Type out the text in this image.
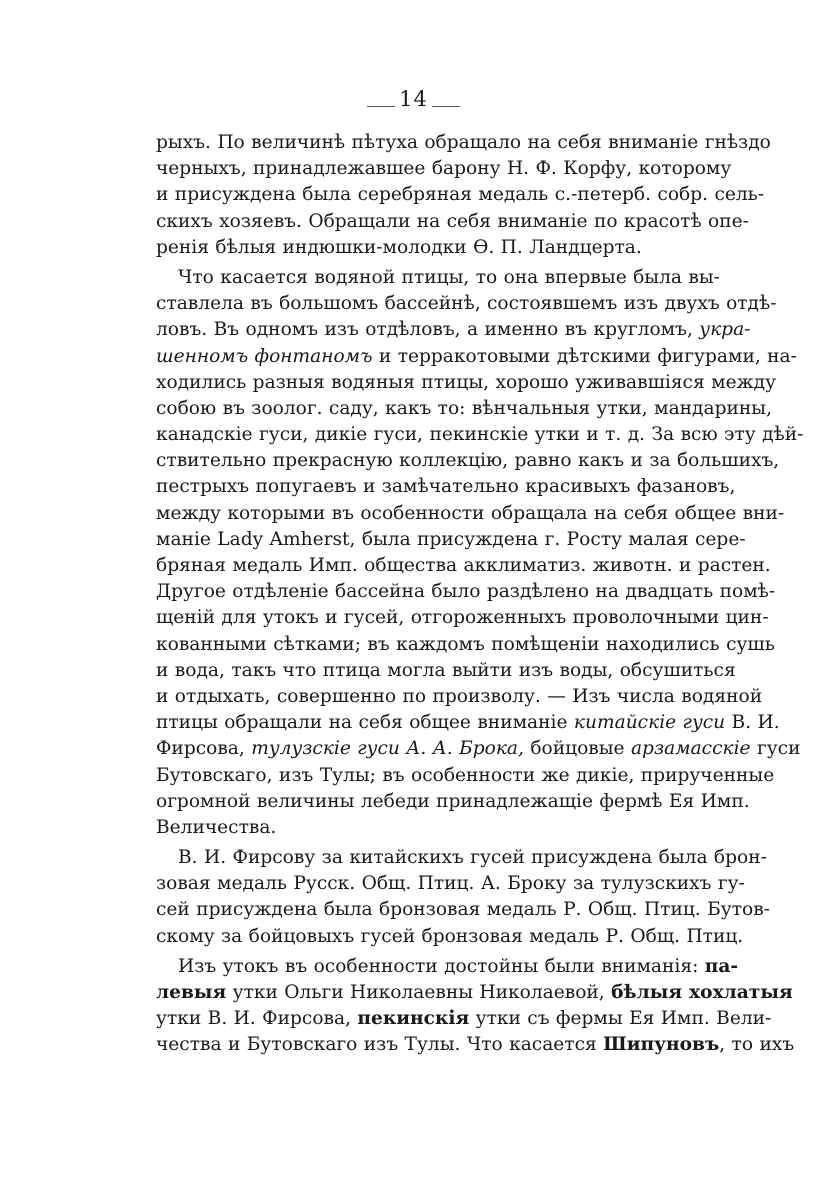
14
рыхъ. По величинѣ пѣтуха обращало на себя вниманіе гнѣздо
черныхъ, принадлежавшее барону Н. Ф. Корфу, которому
и присуждена была серебряная медаль с.-петерб. собр. сель-
скихъ хозяевъ. Обращали на себя вниманіе по красотѣ опе-
ренія бѣлыя индюшки-молодки Ѳ. П. Ландцерта.
Что касается водяной птицы, то она впервые была вы-
ставлела въ большомъ бассейнѣ, состоявшемъ изъ двухъ отдѣ-
ловъ. Въ одномъ изъ отдѣловъ, а именно въ кругломъ, укра-
шенномъ фонтаномъ и терракотовыми дѣтскими фигурами, на-
ходились разныя водяныя птицы, хорошо уживавшіяся между
собою въ зоолог. саду, какъ то: вѣнчальныя утки, мандарины,
канадскіе гуси, дикіе гуси, пекинскіе утки и т. д. За всю эту дѣй-
ствительно прекрасную коллекцію, равно какъ и за большихъ,
пестрыхъ попугаевъ и замѣчательно красивыхъ фазановъ,
между которыми въ особенности обращала на себя общее вни-
маніе Lady Amherst, была присуждена г. Росту малая сере-
бряная медаль Имп. общества акклиматиз. животн. и растен.
Другое отдѣленіе бассейна было раздѣлено на двадцать помѣ-
щеній для утокъ и гусей, отгороженныхъ проволочными цин-
кованными сѣтками; въ каждомъ помѣщеніи находились сушь
и вода, такъ что птица могла выйти изъ воды, обсушиться
и отдыхать, совершенно по произволу. — Изъ числа водяной
птицы обращали на себя общее вниманіе китайскіе гуси В. И.
Фирсова, тулузскіе гуси А. А. Брока, бойцовые арзамасскіе гуси
Бутовскаго, изъ Тулы; въ особенности же дикіе, прирученные
огромной величины лебеди принадлежащіе фермѣ Ея Имп.
Величества.
В. И. Фирсову за китайскихъ гусей присуждена была брон-
зовая медаль Русск. Общ. Птиц. А. Броку за тулузскихъ гу-
сей присуждена была бронзовая медаль Р. Общ. Птиц. Бутов-
скому за бойцовыхъ гусей бронзовая медаль Р. Общ. Птиц.
Изъ утокъ въ особенности достойны были вниманія: па-
левыя утки Ольги Николаевны Николаевой, бѣлыя хохлатыя
утки В. И. Фирсова, пекинскія утки съ фермы Ея Имп. Вели-
чества и Бутовскаго изъ Тулы. Что касается Шипуновъ, то ихъ
